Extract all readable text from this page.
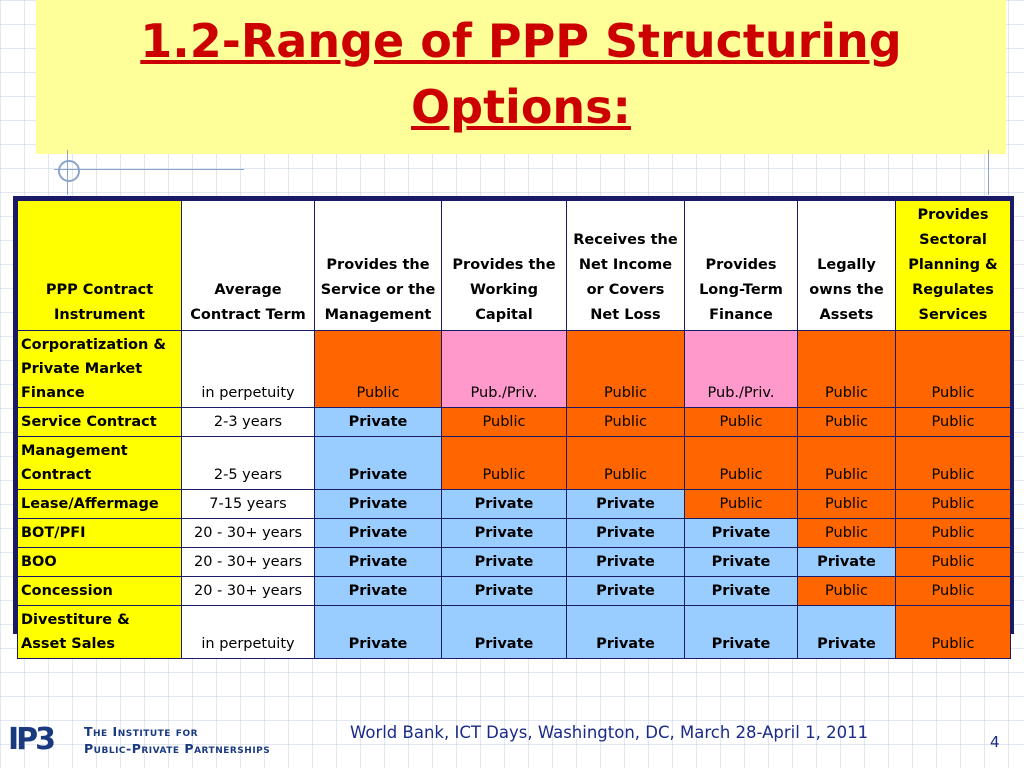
1.2-Range of PPP Structuring
Options:
PPP Contract Instrument	Average Contract Term	Provides the Service or the Management	Provides the Working Capital	Receives the Net Income or Covers Net Loss	Provides Long-Term Finance	Legally owns the Assets	Provides Sectoral Planning & Regulates Services
Corporatization & Private Market Finance	in perpetuity	Public	Pub./Priv.	Public	Pub./Priv.	Public	Public
Service Contract	2-3 years	Private	Public	Public	Public	Public	Public
Management Contract	2-5 years	Private	Public	Public	Public	Public	Public
Lease/Affermage	7-15 years	Private	Private	Private	Public	Public	Public
BOT/PFI	20 - 30+ years	Private	Private	Private	Private	Public	Public
BOO	20 - 30+ years	Private	Private	Private	Private	Private	Public
Concession	20 - 30+ years	Private	Private	Private	Private	Public	Public
Divestiture & Asset Sales	in perpetuity	Private	Private	Private	Private	Private	Public
IP3	The Institute for
Public-Private Partnerships
World Bank, ICT Days, Washington, DC, March 28-April 1, 2011	4
